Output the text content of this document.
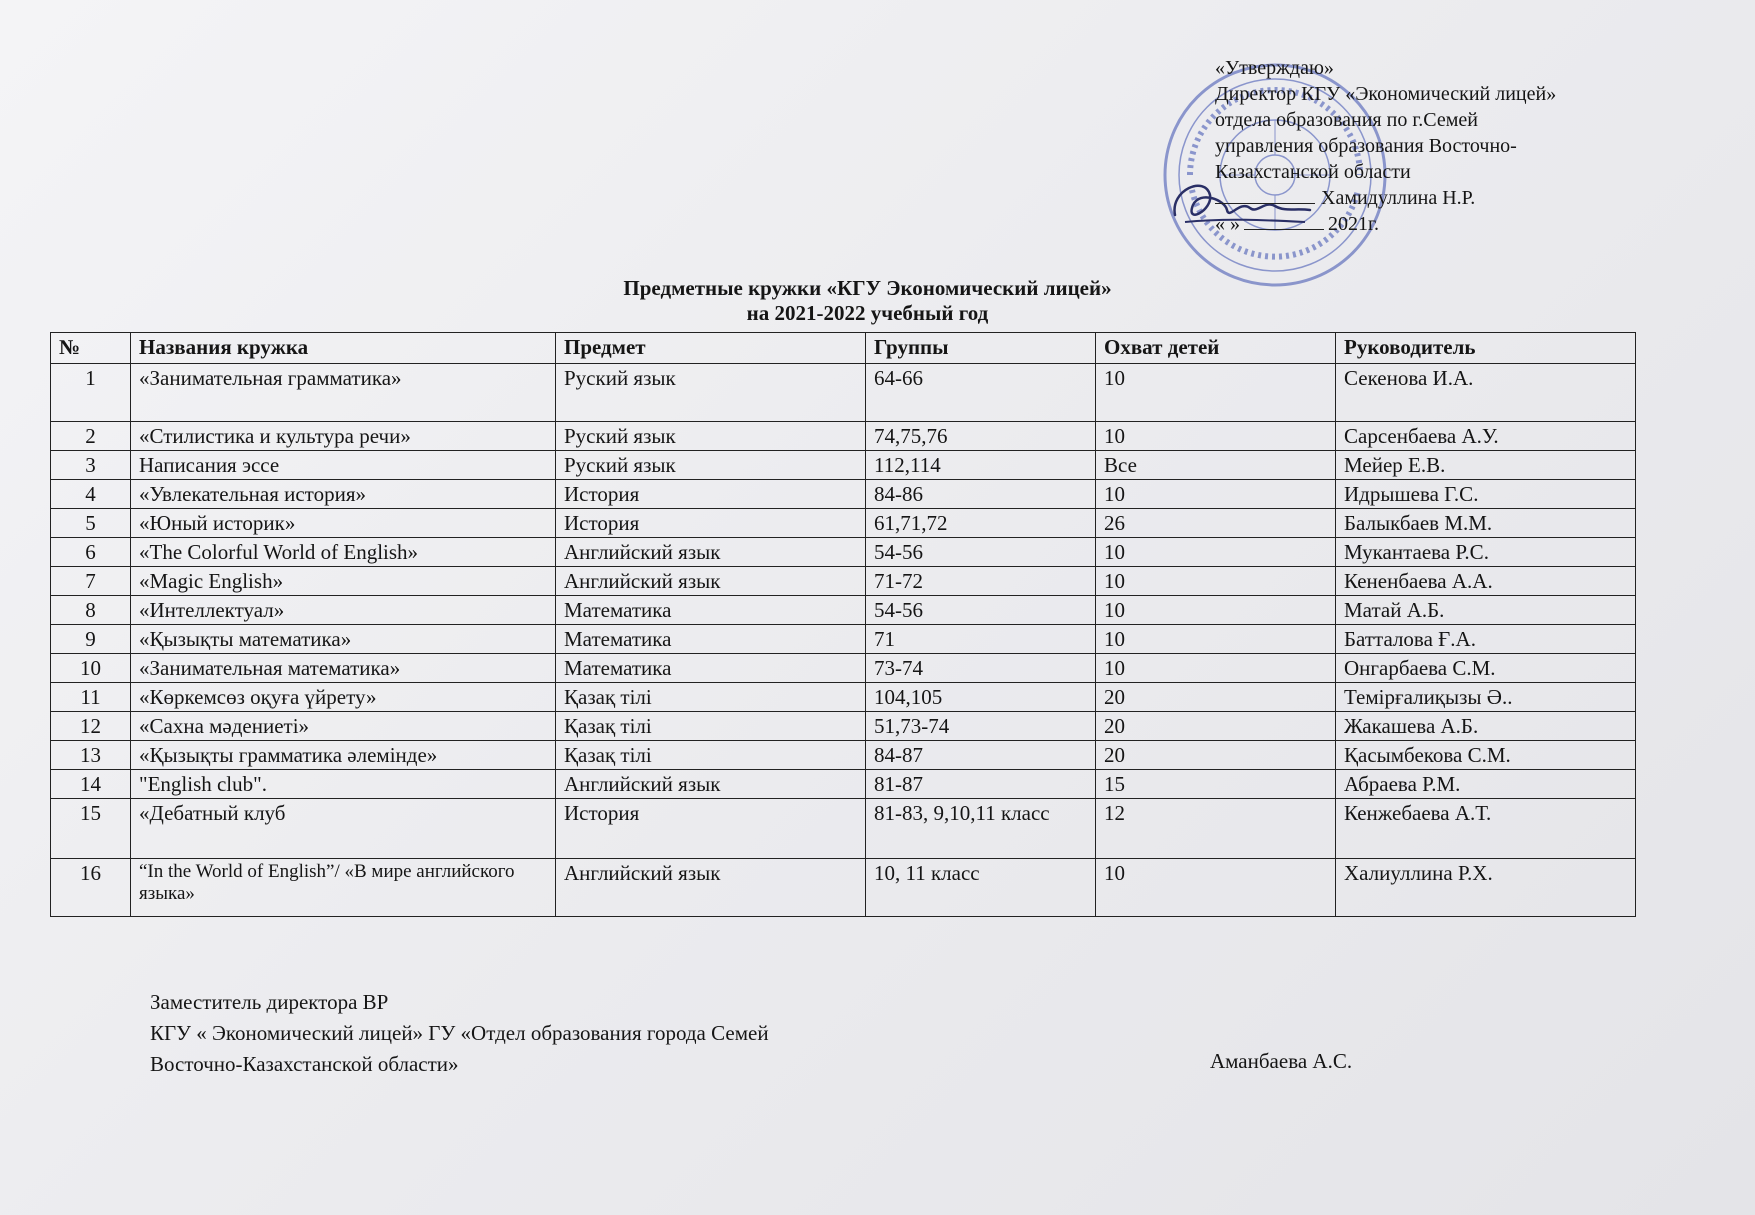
«Утверждаю»
Директор КГУ «Экономический лицей»
отдела образования по г.Семей
управления образования Восточно-
Казахстанской области
Хамидуллина Н.Р.
« »	2021г.
Предметные кружки «КГУ Экономический лицей»
на 2021-2022 учебный год
№	Названия кружка	Предмет	Группы	Охват детей	Руководитель
1	«Занимательная грамматика»	Руский язык	64-66	10	Секенова И.А.
2	«Стилистика и культура речи»	Руский язык	74,75,76	10	Сарсенбаева А.У.
3	Написания эссе	Руский язык	112,114	Все	Мейер Е.В.
4	«Увлекательная история»	История	84-86	10	Идрышева Г.С.
5	«Юный историк»	История	61,71,72	26	Балыкбаев М.М.
6	«The Colorful World of English»	Английский язык	54-56	10	Мукантаева Р.С.
7	«Magic English»	Английский язык	71-72	10	Кененбаева А.А.
8	«Интеллектуал»	Математика	54-56	10	Матай А.Б.
9	«Қызықты математика»	Математика	71	10	Батталова Ғ.А.
10	«Занимательная математика»	Математика	73-74	10	Онгарбаева С.М.
11	«Көркемсөз оқуға үйрету»	Қазақ тілі	104,105	20	Темірғалиқызы Ә..
12	«Сахна мәдениеті»	Қазақ тілі	51,73-74	20	Жакашева А.Б.
13	«Қызықты грамматика әлемінде»	Қазақ тілі	84-87	20	Қасымбекова С.М.
14	"English club".	Английский язык	81-87	15	Абраева Р.М.
15	«Дебатный клуб	История	81-83, 9,10,11 класс	12	Кенжебаева А.Т.
16	“In the World of English”/ «В мире английского языка»	Английский язык	10, 11 класс	10	Халиуллина Р.Х.
Заместитель директора ВР
КГУ « Экономический лицей» ГУ «Отдел образования города Семей
Восточно-Казахстанской области»	Аманбаева А.С.
